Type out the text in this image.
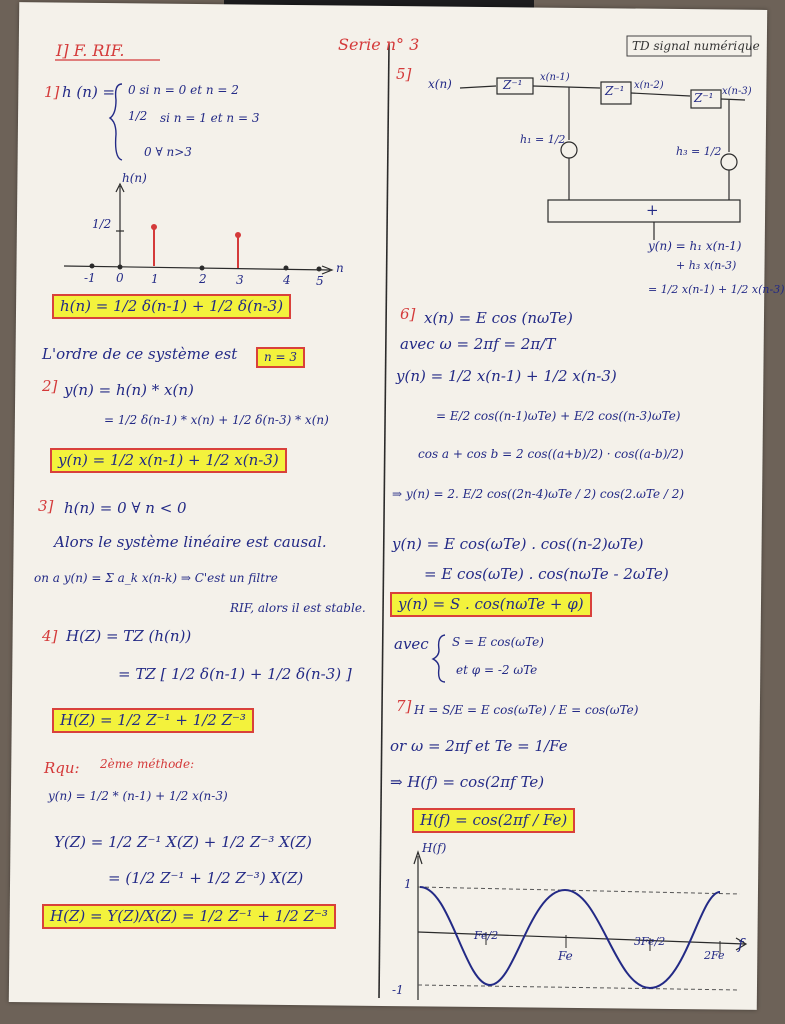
I] F. RIF.	Serie n° 3	TD signal numérique
1] h (n) = 0 si n = 0 et n = 2
1/2 si n = 1 et n = 3
0 ∀ n>3
h(n)
1/2
n
-1 0 1	2 3	4 5
h(n) = 1/2 δ(n-1) + 1/2 δ(n-3)
L'ordre de ce système est	n = 3
2] y(n) = h(n) * x(n)
= 1/2 δ(n-1) * x(n) + 1/2 δ(n-3) * x(n)
y(n) = 1/2 x(n-1) + 1/2 x(n-3)
3] h(n) = 0 ∀ n < 0
Alors le système linéaire est causal.
on a y(n) = Σ a_k x(n-k) ⇒ C'est un filtre
RIF, alors il est stable.
4] H(Z) = TZ (h(n))
= TZ [ 1/2 δ(n-1) + 1/2 δ(n-3) ]
H(Z) = 1/2 Z⁻¹ + 1/2 Z⁻³
Rqu: 2ème méthode:
y(n) = 1/2 * (n-1) + 1/2 x(n-3)
Y(Z) = 1/2 Z⁻¹ X(Z) + 1/2 Z⁻³ X(Z)
= (1/2 Z⁻¹ + 1/2 Z⁻³) X(Z)
H(Z) = Y(Z)/X(Z) = 1/2 Z⁻¹ + 1/2 Z⁻³
5]
x(n)	Z⁻¹	Z⁻¹	Z⁻¹
x(n-1)
x(n-2)
x(n-3)
h₁ = 1/2
h₃ = 1/2
+
y(n) = h₁ x(n-1)
+ h₃ x(n-3)
= 1/2 x(n-1) + 1/2 x(n-3)
6] x(n) = E cos (nωTe)
avec ω = 2πf = 2π/T
y(n) = 1/2 x(n-1) + 1/2 x(n-3)
= E/2 cos((n-1)ωTe) + E/2 cos((n-3)ωTe)
cos a + cos b = 2 cos((a+b)/2) · cos((a-b)/2)
⇒ y(n) = 2. E/2 cos((2n-4)ωTe / 2) cos(2.ωTe / 2)
y(n) = E cos(ωTe) . cos((n-2)ωTe)
= E cos(ωTe) . cos(nωTe - 2ωTe)
y(n) = S . cos(nωTe + φ)
avec S = E cos(ωTe)
et φ = -2 ωTe
7] H = S/E = E cos(ωTe) / E = cos(ωTe)
or ω = 2πf et Te = 1/Fe
⇒ H(f) = cos(2πf Te)
H(f) = cos(2πf / Fe)
H(f)
1
-1
Fe/2
Fe
3Fe/2
2Fe
f
